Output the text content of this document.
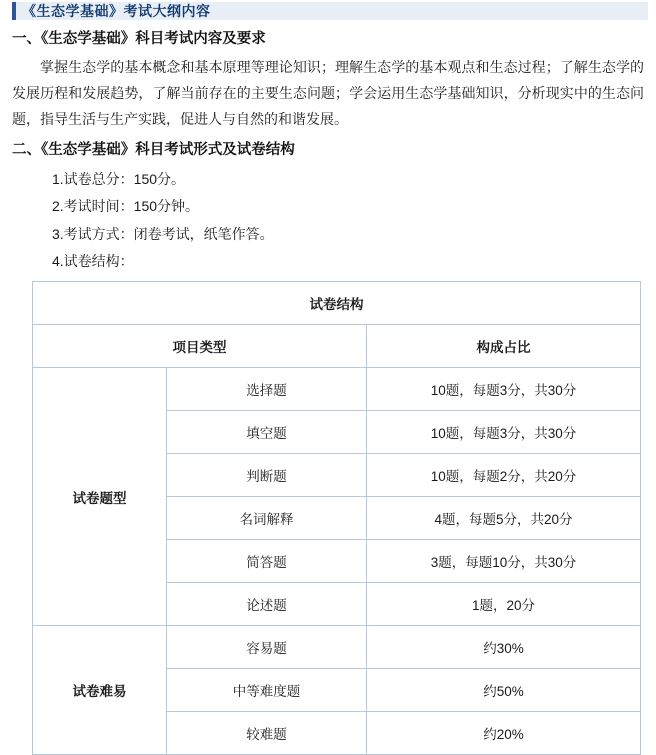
《生态学基础》考试大纲内容
一、《生态学基础》科目考试内容及要求

掌握生态学的基本概念和基本原理等理论知识；理解生态学的基本观点和生态过程；了解生态学的发展历程和发展趋势，了解当前存在的主要生态问题；学会运用生态学基础知识，分析现实中的生态问题，指导生活与生产实践，促进人与自然的和谐发展。

二、《生态学基础》科目考试形式及试卷结构
1.试卷总分：150分。
2.考试时间：150分钟。
3.考试方式：闭卷考试，纸笔作答。
4.试卷结构：
试卷结构		
项目类型		构成占比
试卷题型	选择题	10题，每题3分，共30分
	填空题	10题，每题3分，共30分
	判断题	10题，每题2分，共20分
	名词解释	4题，每题5分，共20分
	简答题	3题，每题10分，共30分
	论述题	1题，20分
试卷难易	容易题	约30%
	中等难度题	约50%
	较难题	约20%
